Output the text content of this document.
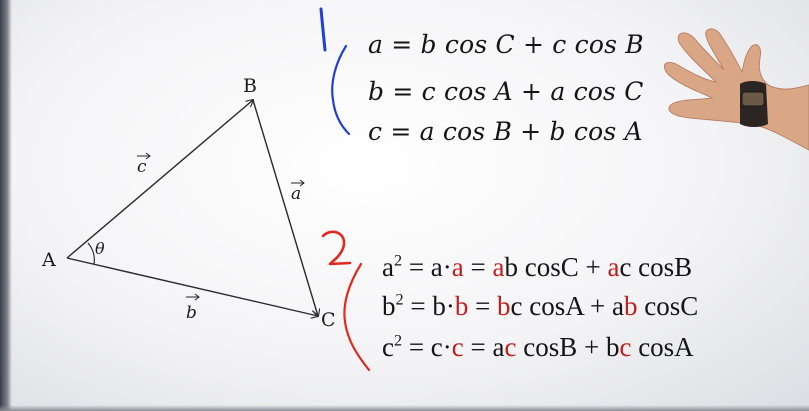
A
B
C
θ
c
a
b
a = b cos C + c cos B
b = c cos A + a cos C
c = a cos B + b cos A
$a^2 = a\cdot a$ = ab cosC + ac cosB
$b^2 = b\cdot b$ = bc cosA + ab cosC
$c^2 = c\cdot c$ = ac cosB + bc cosA
